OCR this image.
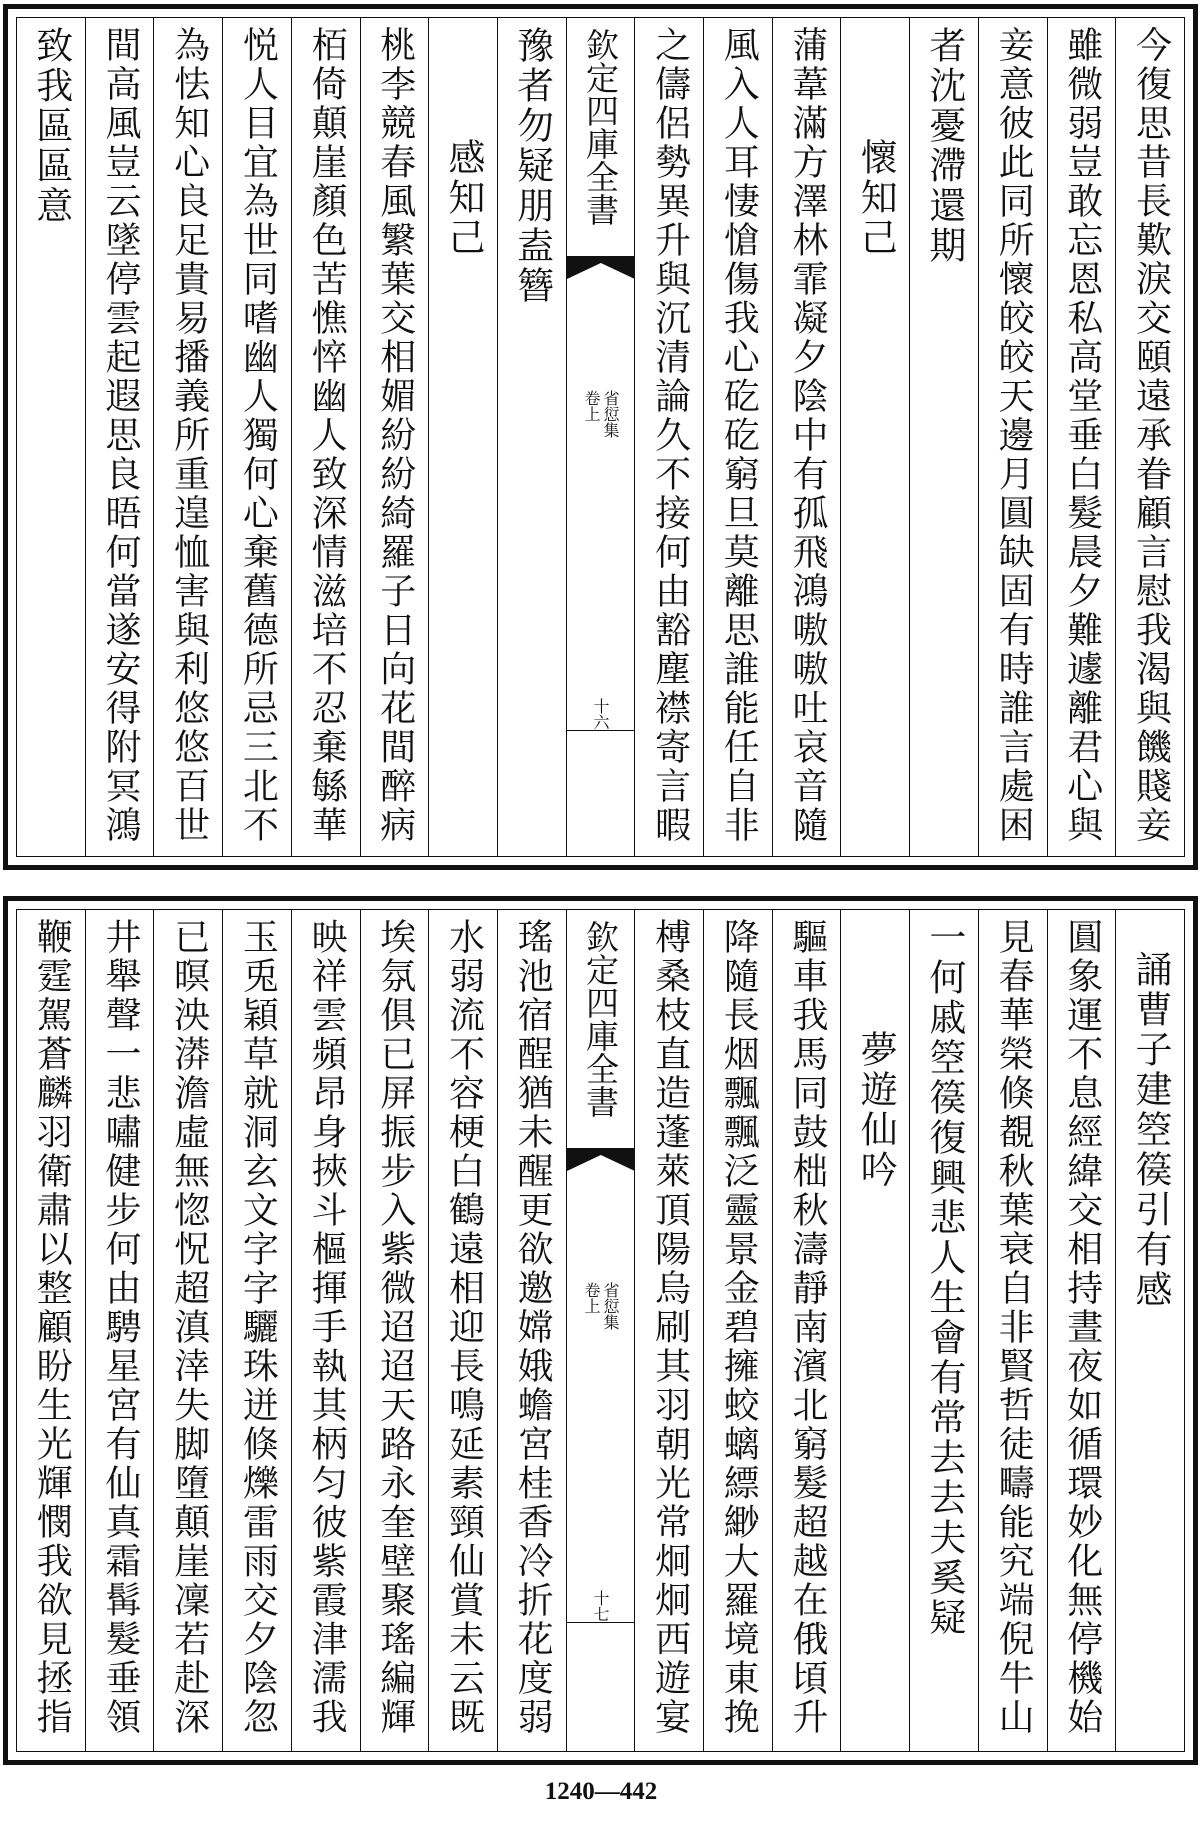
今復思昔長歎淚交頤遠承眷顧言慰我渴與饑賤妾
雖微弱豈敢忘恩私高堂垂白髮晨夕難遽離君心與
妾意彼此同所懷皎皎天邊月圓缺固有時誰言處困
者沈憂滯還期
懷知己
蒲葦滿方澤林霏凝夕陰中有孤飛鴻嗷嗷吐哀音隨
風入人耳悽愴傷我心矻矻窮旦莫離思誰能任自非
之儔侶勢異升與沉清論久不接何由豁塵襟寄言暇
欽定四庫全書
省愆集
卷上
十六
豫者勿疑朋盍簪
感知己
桃李競春風䌓葉交相媚紛紛綺羅子日向花間醉病
栢倚顛崖顏色苦憔悴幽人致深情滋培不忍棄緐華
悦人目宜為世同嗜幽人獨何心棄舊德所忌三北不
為怯知心良足貴易播義所重遑恤害與利悠悠百世
間高風豈云墜停雲起遐思良晤何當遂安得附冥鴻
致我區區意
誦曹子建箜篌引有感
圓象運不息經緯交相持晝夜如循環妙化無停機始
見春華榮倏覩秋葉衰自非賢哲徒疇能究端倪牛山
一何戚箜篌復興悲人生會有常去去夫奚疑
夢遊仙吟
驅車我馬同鼓柮秋濤靜南濱北窮髮超越在俄頃升
降隨長烟飄飄泛靈景金碧擁蛟螭縹緲大羅境東挽
榑桑枝直造蓬萊頂陽烏刷其羽朝光常炯炯西遊宴
欽定四庫全書
省愆集
卷上
十七
瑤池宿酲猶未醒更欲邀嫦娥蟾宮桂香冷折花度弱
水弱流不容梗白鶴遠相迎長鳴延素頸仙賞未云既
埃氛俱已屏振步入紫微迢迢天路永奎壁聚瑤編輝
映祥雲頻昂身挾斗樞揮手執其柄匀彼紫霞津濡我
玉兎穎草就洞玄文字字驪珠迸倏爍雷雨交夕陰忽
已暝泱漭澹虛無惚怳超滇涬失脚墮顛崖凜若赴深
井舉聲一悲嘯健步何由騁星宮有仙真霜髯髮垂領
鞭霆駕蒼麟羽衛肅以整顧盼生光輝憫我欲見拯指
1240—442
